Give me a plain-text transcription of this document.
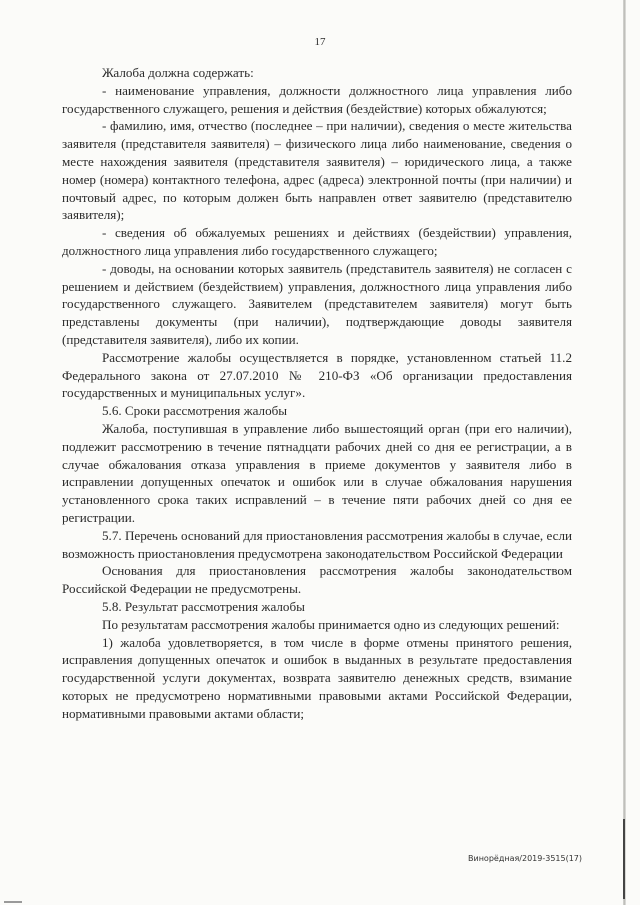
17

Жалоба должна содержать:

- наименование управления, должности должностного лица управления либо государственного служащего, решения и действия (бездействие) которых обжалуются;

- фамилию, имя, отчество (последнее – при наличии), сведения о месте жительства заявителя (представителя заявителя) – физического лица либо наименование, сведения о месте нахождения заявителя (представителя заявителя) – юридического лица, а также номер (номера) контактного телефона, адрес (адреса) электронной почты (при наличии) и почтовый адрес, по которым должен быть направлен ответ заявителю (представителю заявителя);

- сведения об обжалуемых решениях и действиях (бездействии) управления, должностного лица управления либо государственного служащего;

- доводы, на основании которых заявитель (представитель заявителя) не согласен с решением и действием (бездействием) управления, должностного лица управления либо государственного служащего. Заявителем (представителем заявителя) могут быть представлены документы (при наличии), подтверждающие доводы заявителя (представителя заявителя), либо их копии.

Рассмотрение жалобы осуществляется в порядке, установленном статьей 11.2 Федерального закона от 27.07.2010 № 210-ФЗ «Об организации предоставления государственных и муниципальных услуг».

5.6. Сроки рассмотрения жалобы

Жалоба, поступившая в управление либо вышестоящий орган (при его наличии), подлежит рассмотрению в течение пятнадцати рабочих дней со дня ее регистрации, а в случае обжалования отказа управления в приеме документов у заявителя либо в исправлении допущенных опечаток и ошибок или в случае обжалования нарушения установленного срока таких исправлений – в течение пяти рабочих дней со дня ее регистрации.

5.7. Перечень оснований для приостановления рассмотрения жалобы в случае, если возможность приостановления предусмотрена законодательством Российской Федерации

Основания для приостановления рассмотрения жалобы законодательством Российской Федерации не предусмотрены.

5.8. Результат рассмотрения жалобы

По результатам рассмотрения жалобы принимается одно из следующих решений:

1) жалоба удовлетворяется, в том числе в форме отмены принятого решения, исправления допущенных опечаток и ошибок в выданных в результате предоставления государственной услуги документах, возврата заявителю денежных средств, взимание которых не предусмотрено нормативными правовыми актами Российской Федерации, нормативными правовыми актами области;

Винорёдная/2019-3515(17)
